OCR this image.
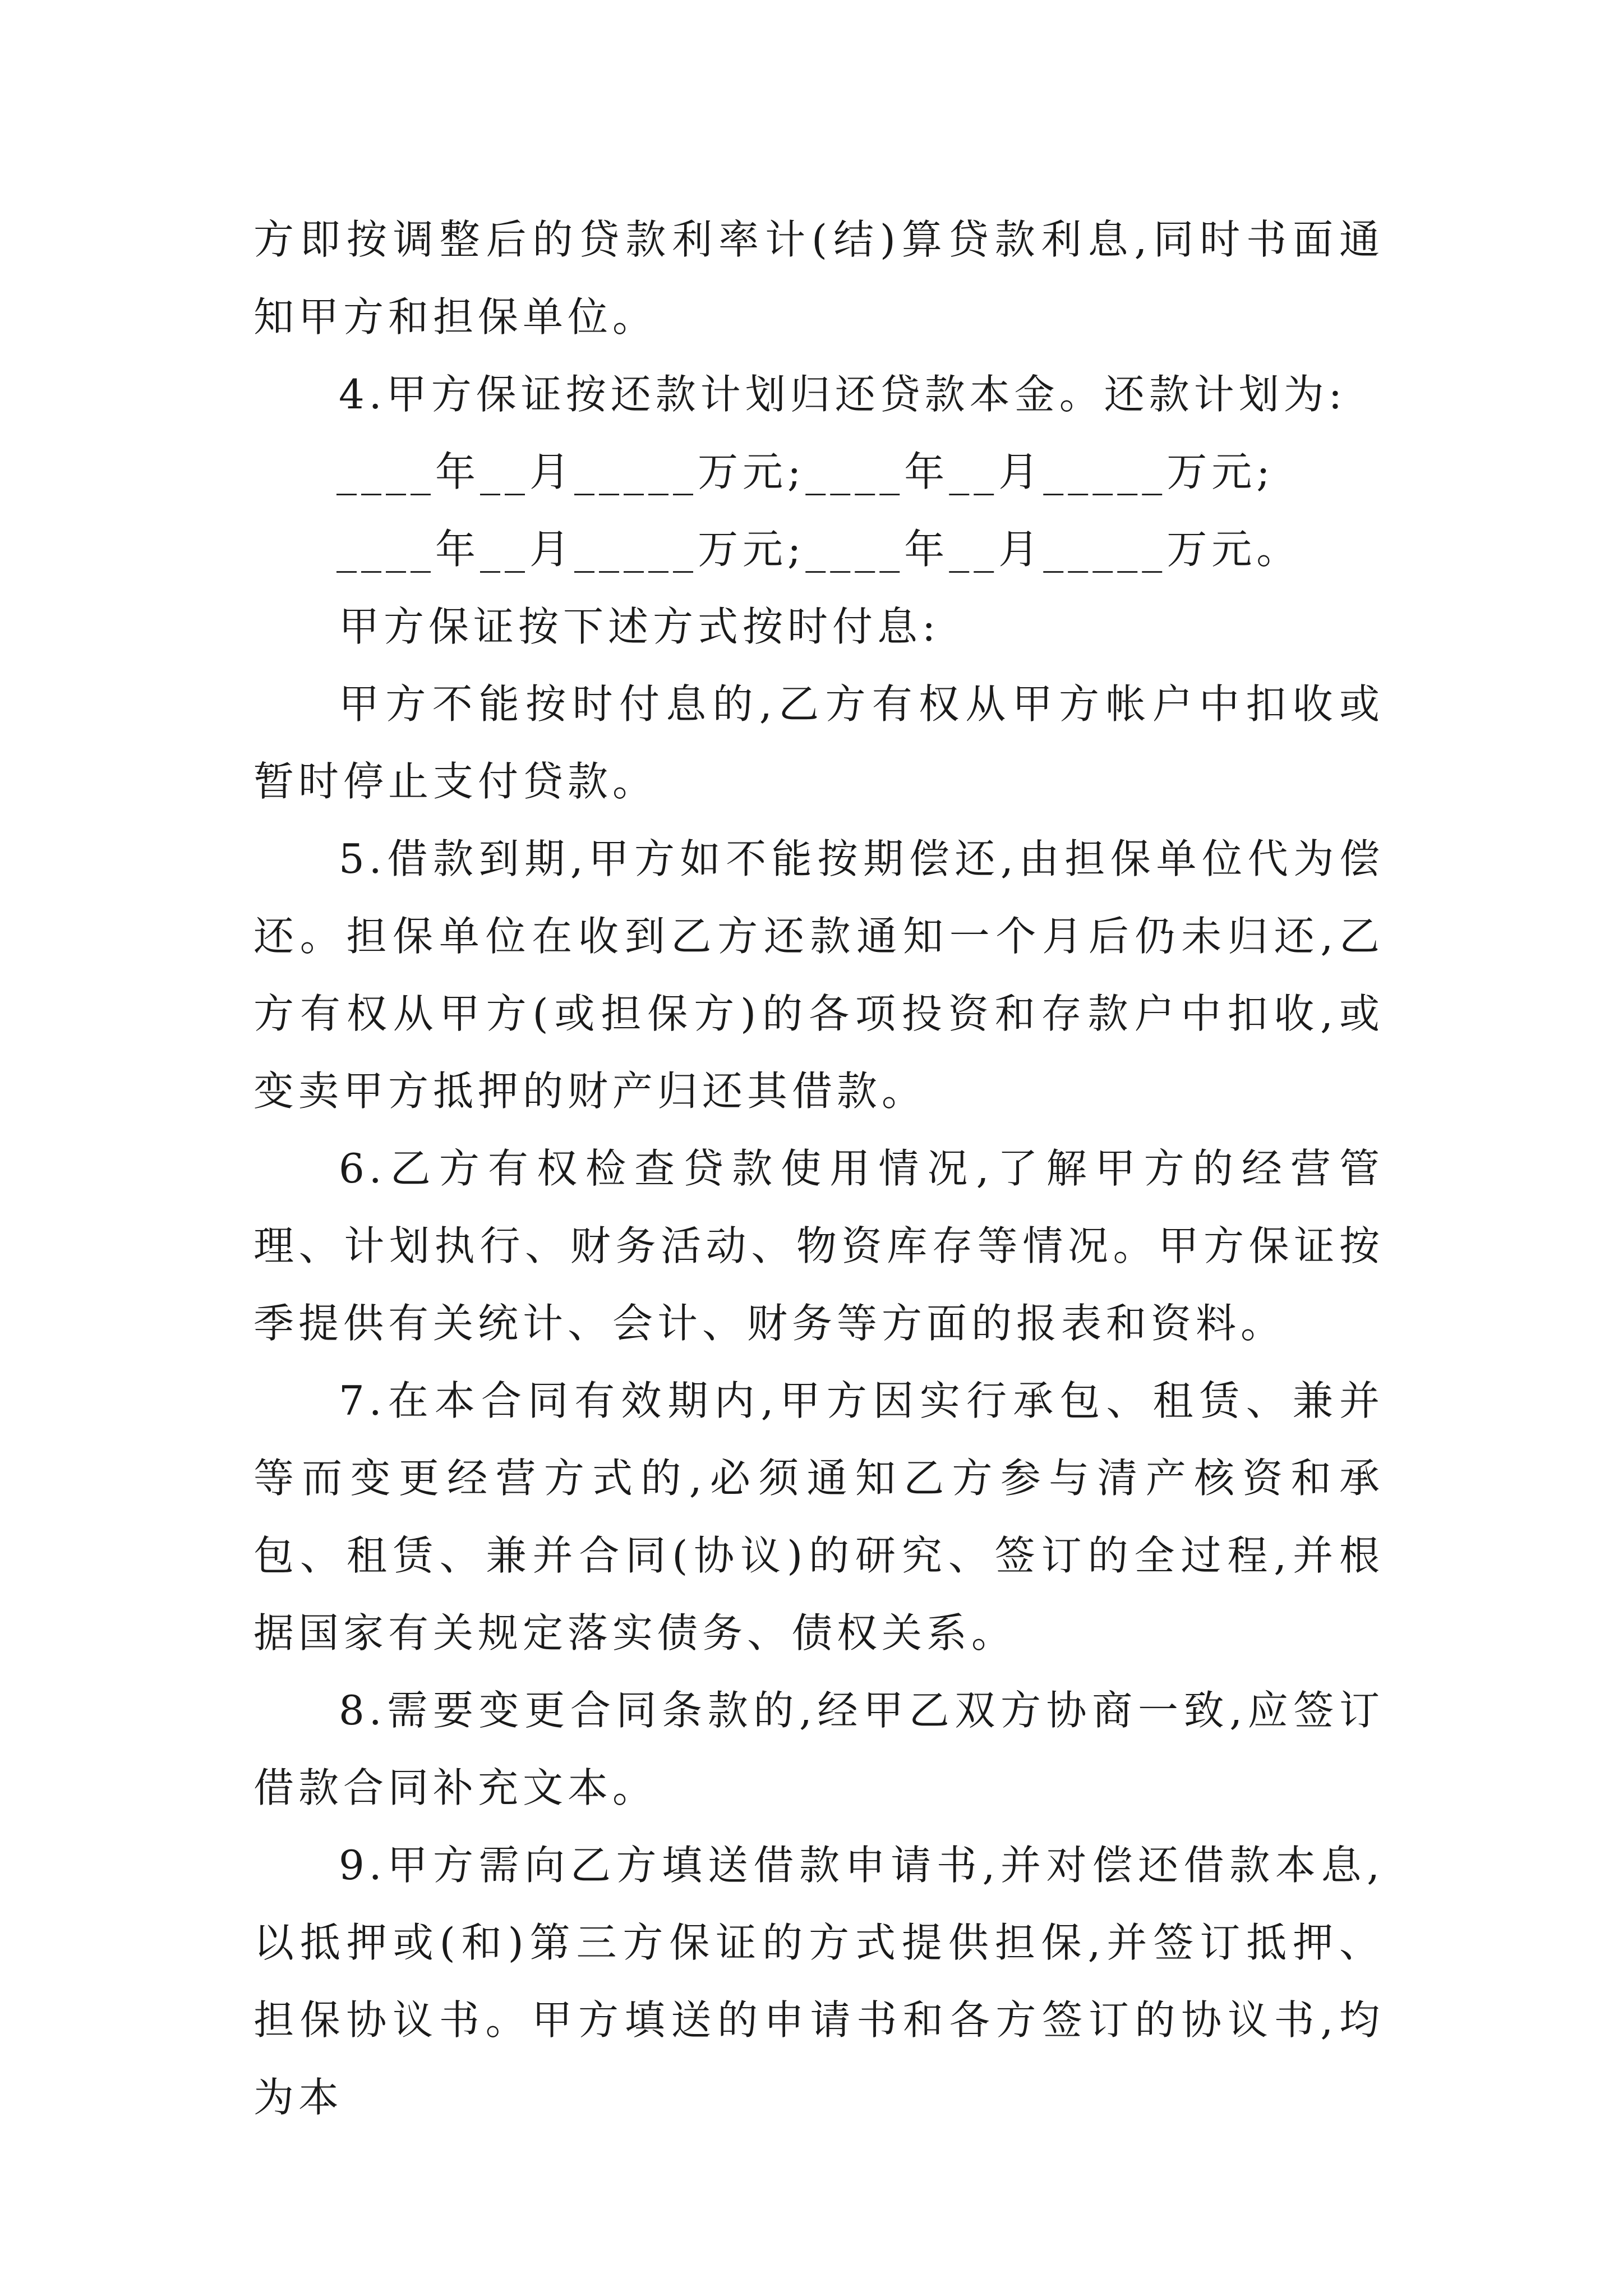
方即按调整后的贷款利率计(结)算贷款利息,同时书面通知甲方和担保单位。

4.甲方保证按还款计划归还贷款本金。还款计划为:

____年__月_____万元;____年__月_____万元;

____年__月_____万元;____年__月_____万元。

甲方保证按下述方式按时付息:

甲方不能按时付息的,乙方有权从甲方帐户中扣收或暂时停止支付贷款。

5.借款到期,甲方如不能按期偿还,由担保单位代为偿还。担保单位在收到乙方还款通知一个月后仍未归还,乙方有权从甲方(或担保方)的各项投资和存款户中扣收,或变卖甲方抵押的财产归还其借款。

6.乙方有权检查贷款使用情况,了解甲方的经营管理、计划执行、财务活动、物资库存等情况。甲方保证按季提供有关统计、会计、财务等方面的报表和资料。

7.在本合同有效期内,甲方因实行承包、租赁、兼并等而变更经营方式的,必须通知乙方参与清产核资和承包、租赁、兼并合同(协议)的研究、签订的全过程,并根据国家有关规定落实债务、债权关系。

8.需要变更合同条款的,经甲乙双方协商一致,应签订借款合同补充文本。

9.甲方需向乙方填送借款申请书,并对偿还借款本息,以抵押或(和)第三方保证的方式提供担保,并签订抵押、担保协议书。甲方填送的申请书和各方签订的协议书,均为本
